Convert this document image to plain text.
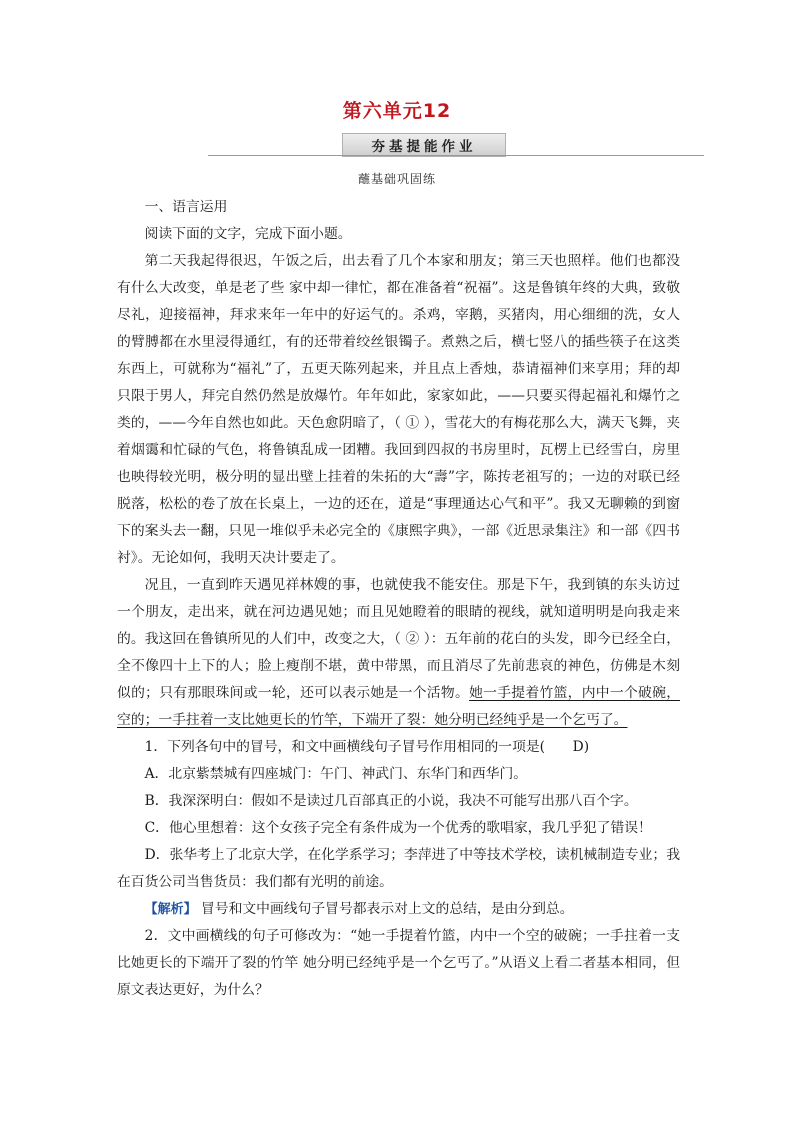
第六单元12
夯基提能作业
蘸基础巩固练

一、语言运用

阅读下面的文字，完成下面小题。

第二天我起得很迟，午饭之后，出去看了几个本家和朋友；第三天也照样。他们也都没有什么大改变，单是老了些 家中却一律忙，都在准备着“祝福”。这是鲁镇年终的大典，致敬尽礼，迎接福神，拜求来年一年中的好运气的。杀鸡，宰鹅，买猪肉，用心细细的洗，女人的臂膊都在水里浸得通红，有的还带着绞丝银镯子。煮熟之后，横七竖八的插些筷子在这类东西上，可就称为“福礼”了，五更天陈列起来，并且点上香烛，恭请福神们来享用；拜的却只限于男人，拜完自然仍然是放爆竹。年年如此，家家如此，——只要买得起福礼和爆竹之类的，——今年自然也如此。天色愈阴暗了，（ ① ），雪花大的有梅花那么大，满天飞舞，夹着烟霭和忙碌的气色，将鲁镇乱成一团糟。我回到四叔的书房里时，瓦楞上已经雪白，房里也映得较光明，极分明的显出壁上挂着的朱拓的大“壽”字，陈抟老祖写的；一边的对联已经脱落，松松的卷了放在长桌上，一边的还在，道是“事理通达心气和平”。我又无聊赖的到窗下的案头去一翻，只见一堆似乎未必完全的《康熙字典》，一部《近思录集注》和一部《四书衬》。无论如何，我明天决计要走了。

况且，一直到昨天遇见祥林嫂的事，也就使我不能安住。那是下午，我到镇的东头访过一个朋友，走出来，就在河边遇见她；而且见她瞪着的眼睛的视线，就知道明明是向我走来的。我这回在鲁镇所见的人们中，改变之大，（ ② ）：五年前的花白的头发，即今已经全白，全不像四十上下的人；脸上瘦削不堪，黄中带黑，而且消尽了先前悲哀的神色，仿佛是木刻似的；只有那眼珠间或一轮，还可以表示她是一个活物。她一手提着竹篮，内中一个破碗，空的；一手拄着一支比她更长的竹竿，下端开了裂：她分明已经纯乎是一个乞丐了。

1．下列各句中的冒号，和文中画横线句子冒号作用相同的一项是( D)

A．北京紫禁城有四座城门：午门、神武门、东华门和西华门。

B．我深深明白：假如不是读过几百部真正的小说，我决不可能写出那八百个字。

C．他心里想着：这个女孩子完全有条件成为一个优秀的歌唱家，我几乎犯了错误！

D．张华考上了北京大学，在化学系学习；李萍进了中等技术学校，读机械制造专业；我在百货公司当售货员：我们都有光明的前途。

【解析】 冒号和文中画线句子冒号都表示对上文的总结，是由分到总。

2．文中画横线的句子可修改为：“她一手提着竹篮，内中一个空的破碗；一手拄着一支比她更长的下端开了裂的竹竿 她分明已经纯乎是一个乞丐了。”从语义上看二者基本相同，但原文表达更好，为什么？
